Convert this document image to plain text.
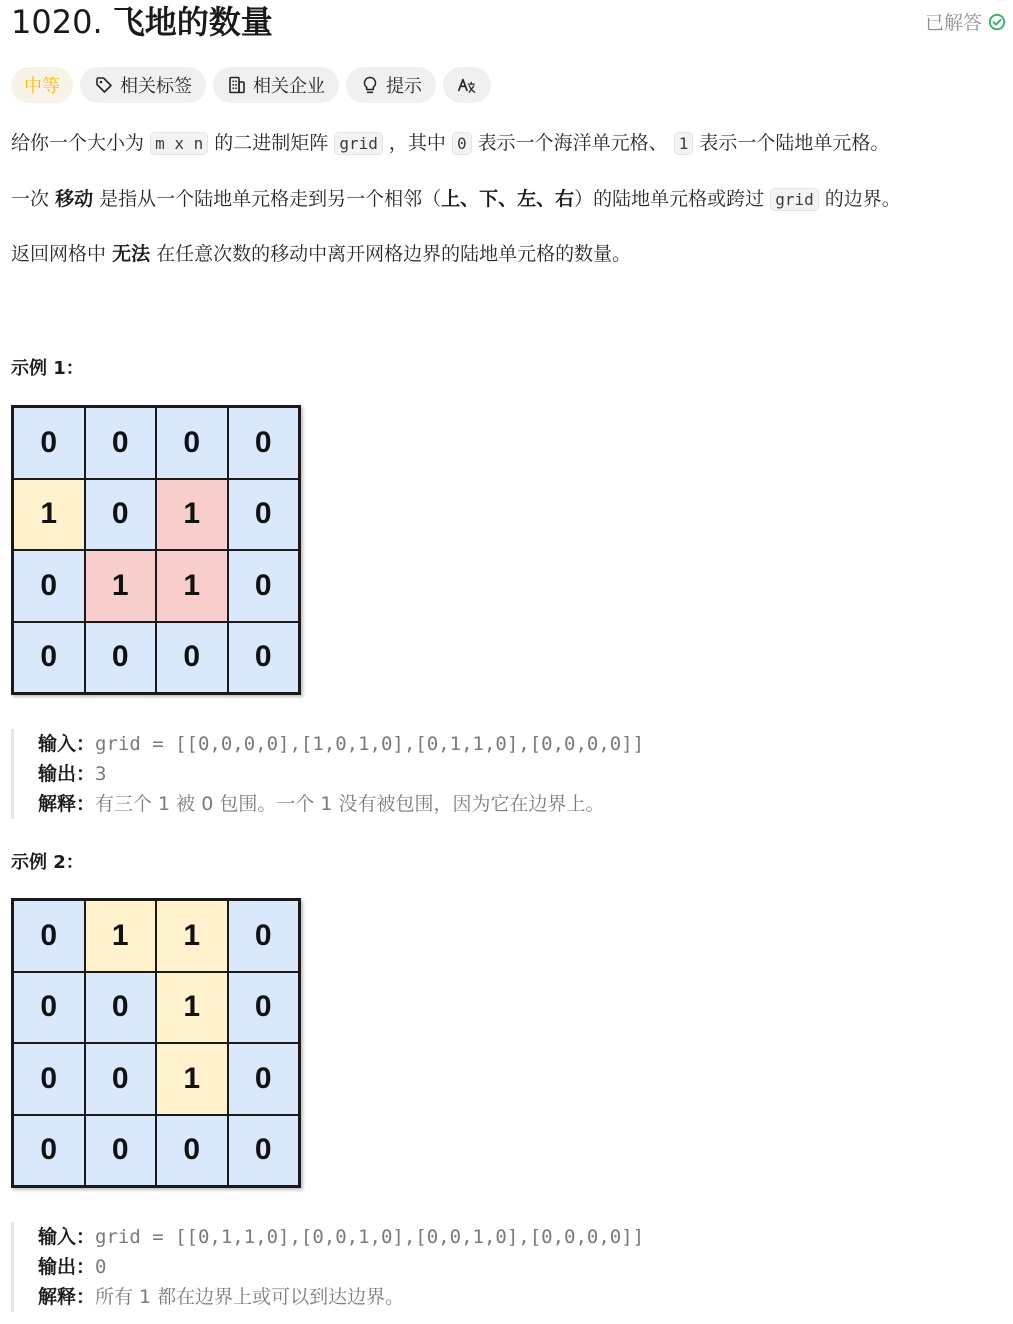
1020. 飞地的数量	已解答
中等	相关标签	相关企业	提示
给你一个大小为 m x n 的二进制矩阵 grid ，其中 0 表示一个海洋单元格、 1 表示一个陆地单元格。
一次 移动 是指从一个陆地单元格走到另一个相邻（上、下、左、右）的陆地单元格或跨过 grid 的边界。
返回网格中 无法 在任意次数的移动中离开网格边界的陆地单元格的数量。
示例 1：
0	0	0	0
1	0	1	0
0	1	1	0
0	0	0	0
输入：grid = [[0,0,0,0],[1,0,1,0],[0,1,1,0],[0,0,0,0]]
输出：3
解释：有三个 1 被 0 包围。一个 1 没有被包围，因为它在边界上。
示例 2：
0	1	1	0
0	0	1	0
0	0	1	0
0	0	0	0
输入：grid = [[0,1,1,0],[0,0,1,0],[0,0,1,0],[0,0,0,0]]
输出：0
解释：所有 1 都在边界上或可以到达边界。
